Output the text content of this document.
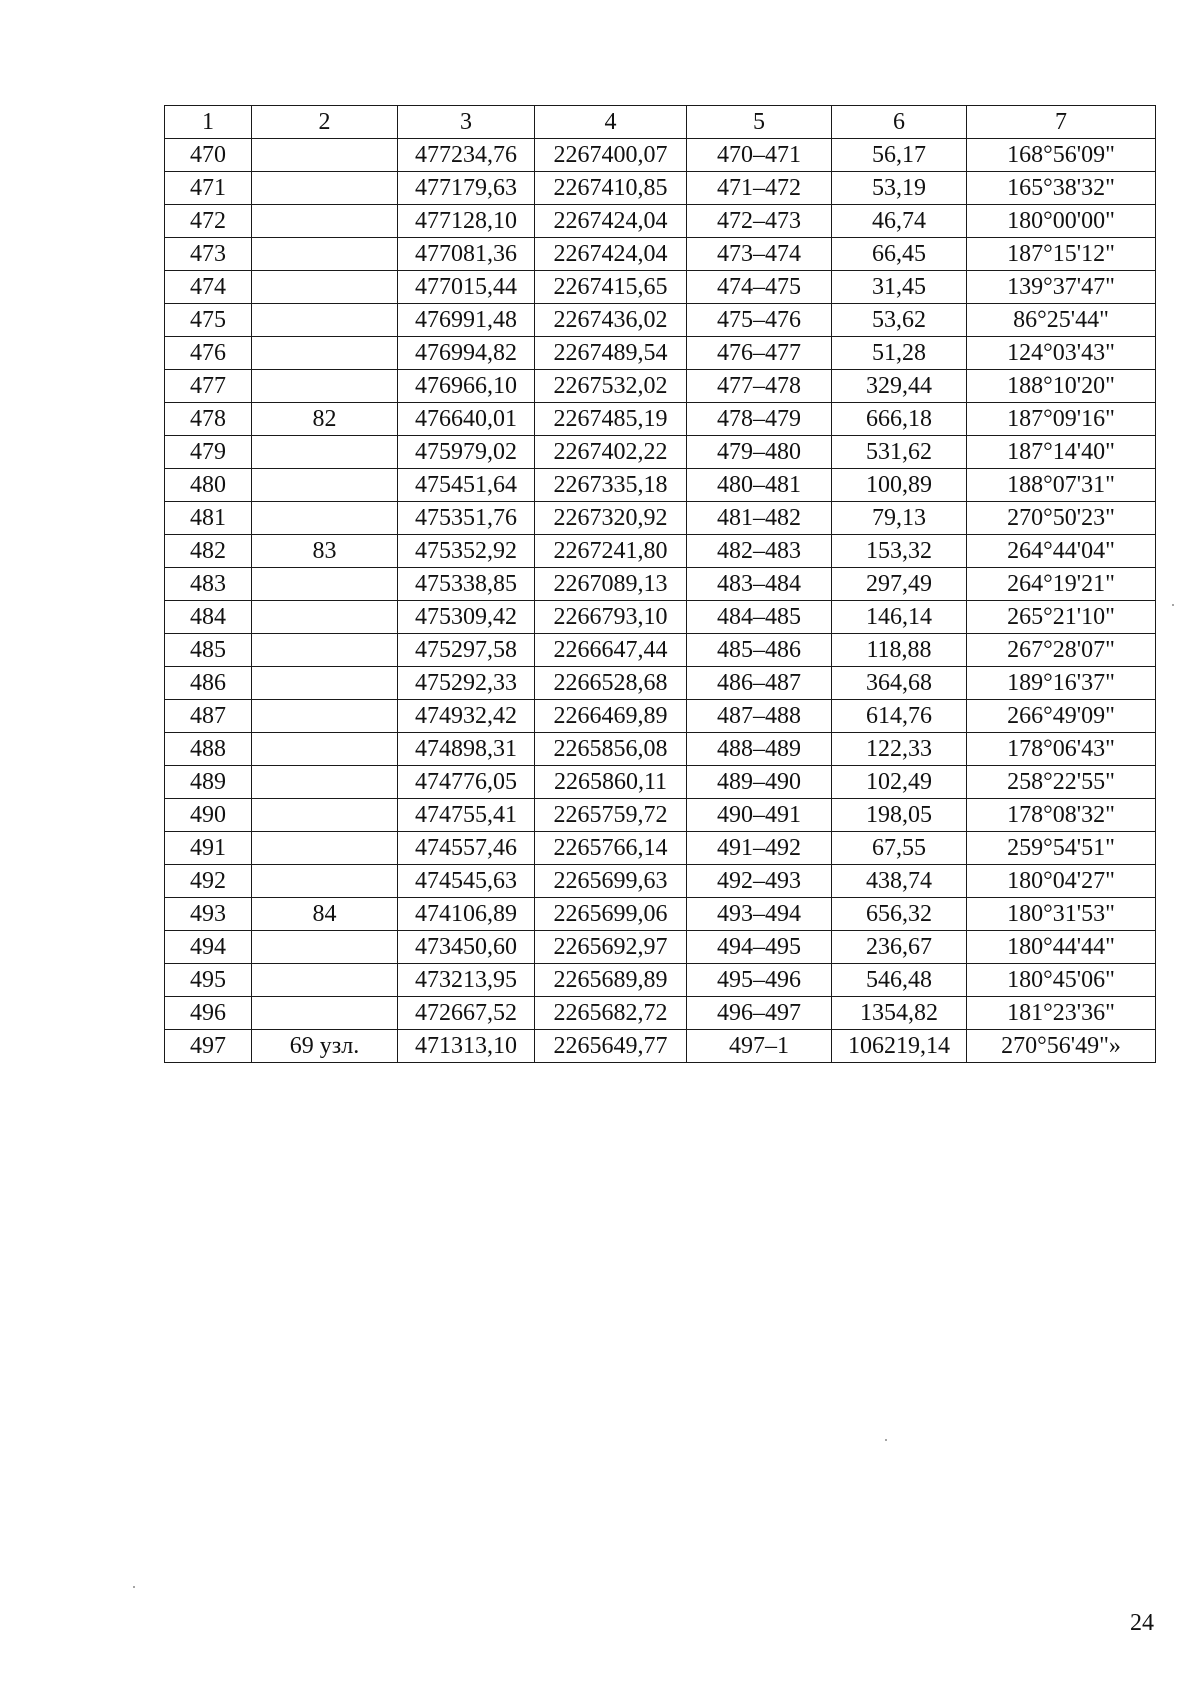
1	2	3	4	5	6	7
470		477234,76	2267400,07	470–471	56,17	168°56'09"
471		477179,63	2267410,85	471–472	53,19	165°38'32"
472		477128,10	2267424,04	472–473	46,74	180°00'00"
473		477081,36	2267424,04	473–474	66,45	187°15'12"
474		477015,44	2267415,65	474–475	31,45	139°37'47"
475		476991,48	2267436,02	475–476	53,62	86°25'44"
476		476994,82	2267489,54	476–477	51,28	124°03'43"
477		476966,10	2267532,02	477–478	329,44	188°10'20"
478	82	476640,01	2267485,19	478–479	666,18	187°09'16"
479		475979,02	2267402,22	479–480	531,62	187°14'40"
480		475451,64	2267335,18	480–481	100,89	188°07'31"
481		475351,76	2267320,92	481–482	79,13	270°50'23"
482	83	475352,92	2267241,80	482–483	153,32	264°44'04"
483		475338,85	2267089,13	483–484	297,49	264°19'21"
484		475309,42	2266793,10	484–485	146,14	265°21'10"
485		475297,58	2266647,44	485–486	118,88	267°28'07"
486		475292,33	2266528,68	486–487	364,68	189°16'37"
487		474932,42	2266469,89	487–488	614,76	266°49'09"
488		474898,31	2265856,08	488–489	122,33	178°06'43"
489		474776,05	2265860,11	489–490	102,49	258°22'55"
490		474755,41	2265759,72	490–491	198,05	178°08'32"
491		474557,46	2265766,14	491–492	67,55	259°54'51"
492		474545,63	2265699,63	492–493	438,74	180°04'27"
493	84	474106,89	2265699,06	493–494	656,32	180°31'53"
494		473450,60	2265692,97	494–495	236,67	180°44'44"
495		473213,95	2265689,89	495–496	546,48	180°45'06"
496		472667,52	2265682,72	496–497	1354,82	181°23'36"
497	69 узл.	471313,10	2265649,77	497–1	106219,14	270°56'49"»
24
